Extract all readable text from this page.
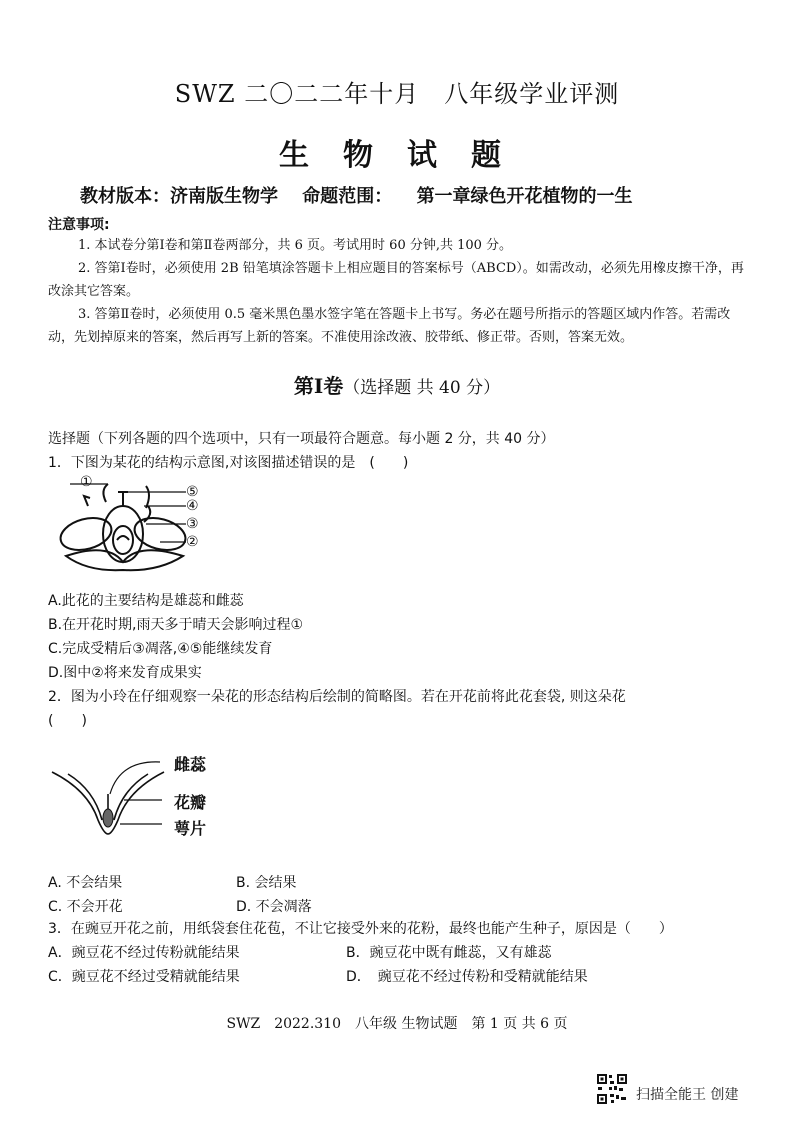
SWZ 二〇二二年十月　八年级学业评测
生物试题
教材版本：济南版生物学 命题范围： 第一章绿色开花植物的一生
注意事项:
1. 本试卷分第Ⅰ卷和第Ⅱ卷两部分，共 6 页。考试用时 60 分钟,共 100 分。
2. 答第Ⅰ卷时，必须使用 2B 铅笔填涂答题卡上相应题目的答案标号（ABCD）。如需改动，必须先用橡皮擦干净，再改涂其它答案。
3. 答第Ⅱ卷时，必须使用 0.5 毫米黑色墨水签字笔在答题卡上书写。务必在题号所指示的答题区域内作答。若需改动，先划掉原来的答案，然后再写上新的答案。不准使用涂改液、胶带纸、修正带。否则，答案无效。
第Ⅰ卷（选择题 共 40 分）
选择题（下列各题的四个选项中，只有一项最符合题意。每小题 2 分，共 40 分）
1．下图为某花的结构示意图,对该图描述错误的是　(　　)
①
⑤
④
③
②
A.此花的主要结构是雄蕊和雌蕊
B.在开花时期,雨天多于晴天会影响过程①
C.完成受精后③凋落,④⑤能继续发育
D.图中②将来发育成果实
2．图为小玲在仔细观察一朵花的形态结构后绘制的简略图。若在开花前将此花套袋, 则这朵花
(　　)
雌蕊
花瓣
萼片
A. 不会结果	B. 会结果
C. 不会开花	D. 不会凋落
3．在豌豆开花之前，用纸袋套住花苞，不让它接受外来的花粉，最终也能产生种子，原因是（　　）
A．豌豆花不经过传粉就能结果	B．豌豆花中既有雌蕊，又有雄蕊
C．豌豆花不经过受精就能结果	D．　豌豆花不经过传粉和受精就能结果
SWZ　2022.310　八年级 生物试题　第 1 页 共 6 页
扫描全能王 创建
